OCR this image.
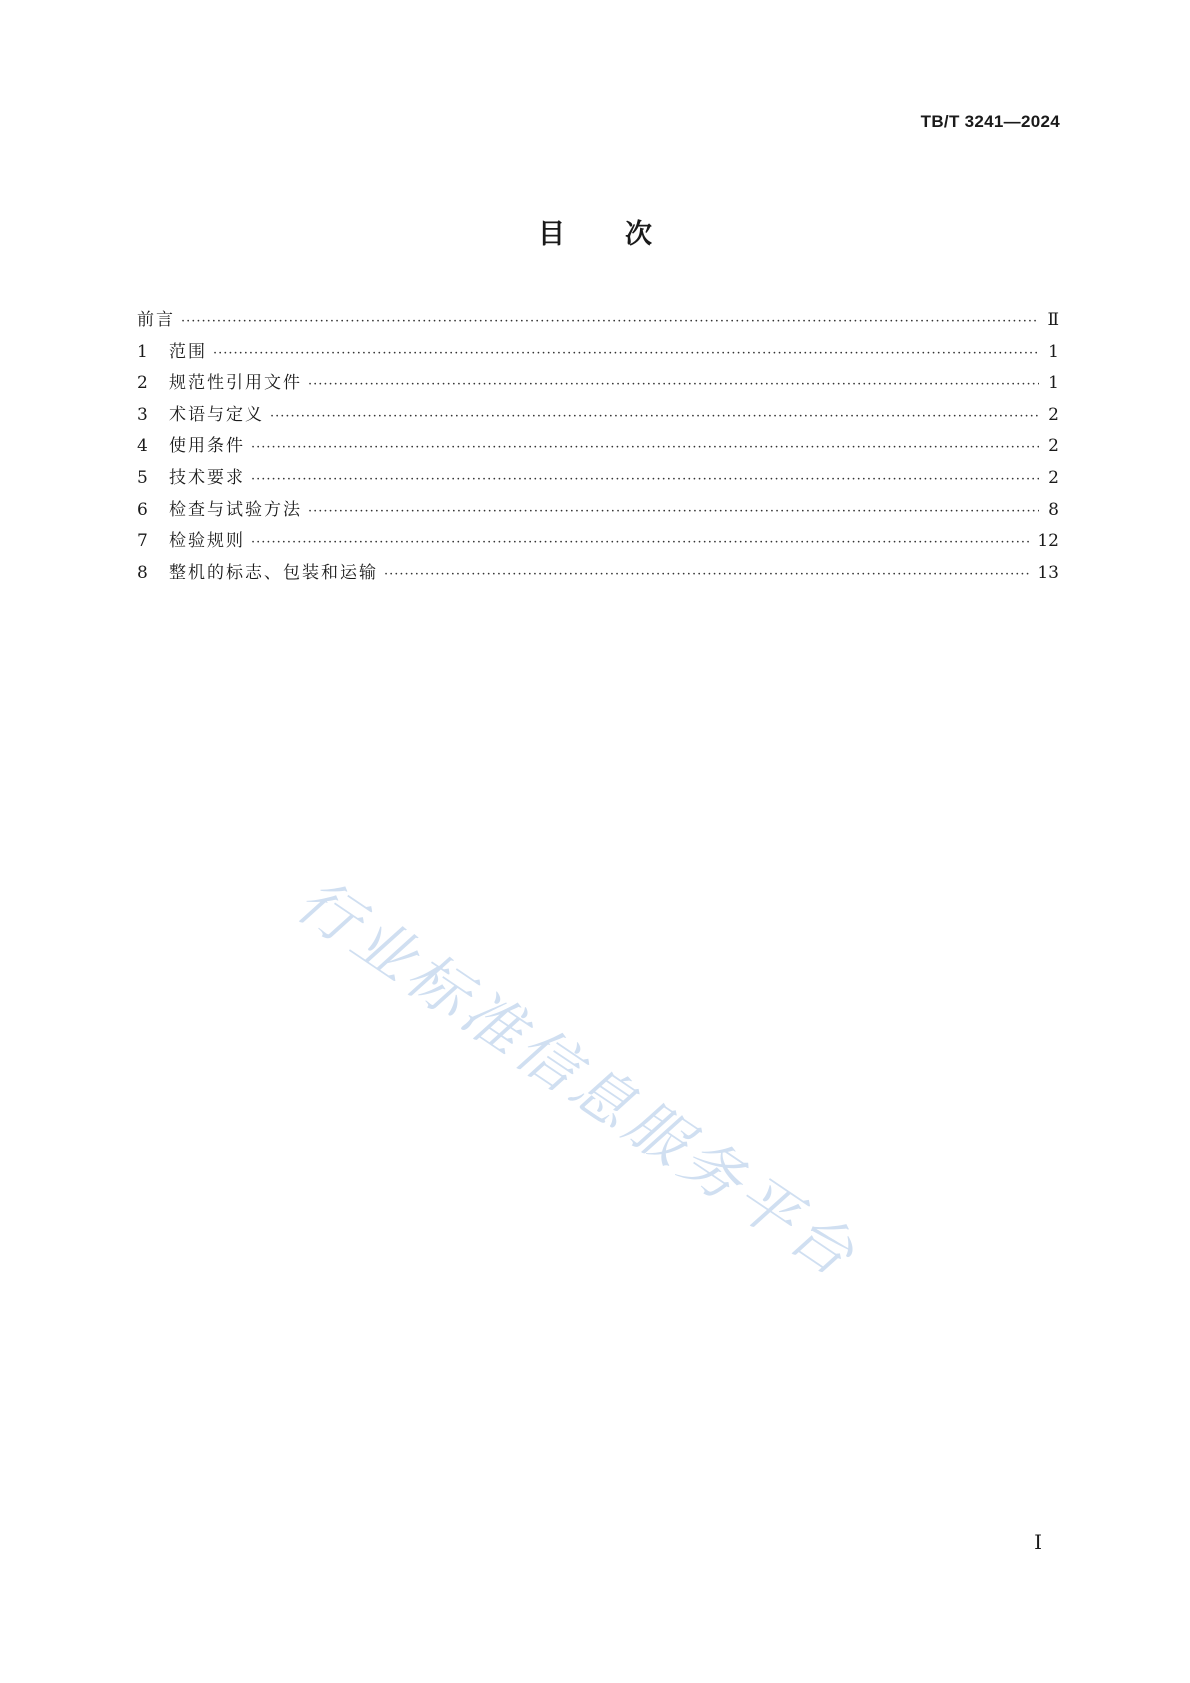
TB/T 3241—2024
目次
前言 ·····	Ⅱ
1	范围 ·····	1
2	规范性引用文件 ·····	1
3	术语与定义 ·····	2
4	使用条件 ·····	2
5	技术要求 ·····	2
6	检查与试验方法 ·····	8
7	检验规则 ·····	12
8	整机的标志、包装和运输 ·····	13
行业标准信息服务平台
I
